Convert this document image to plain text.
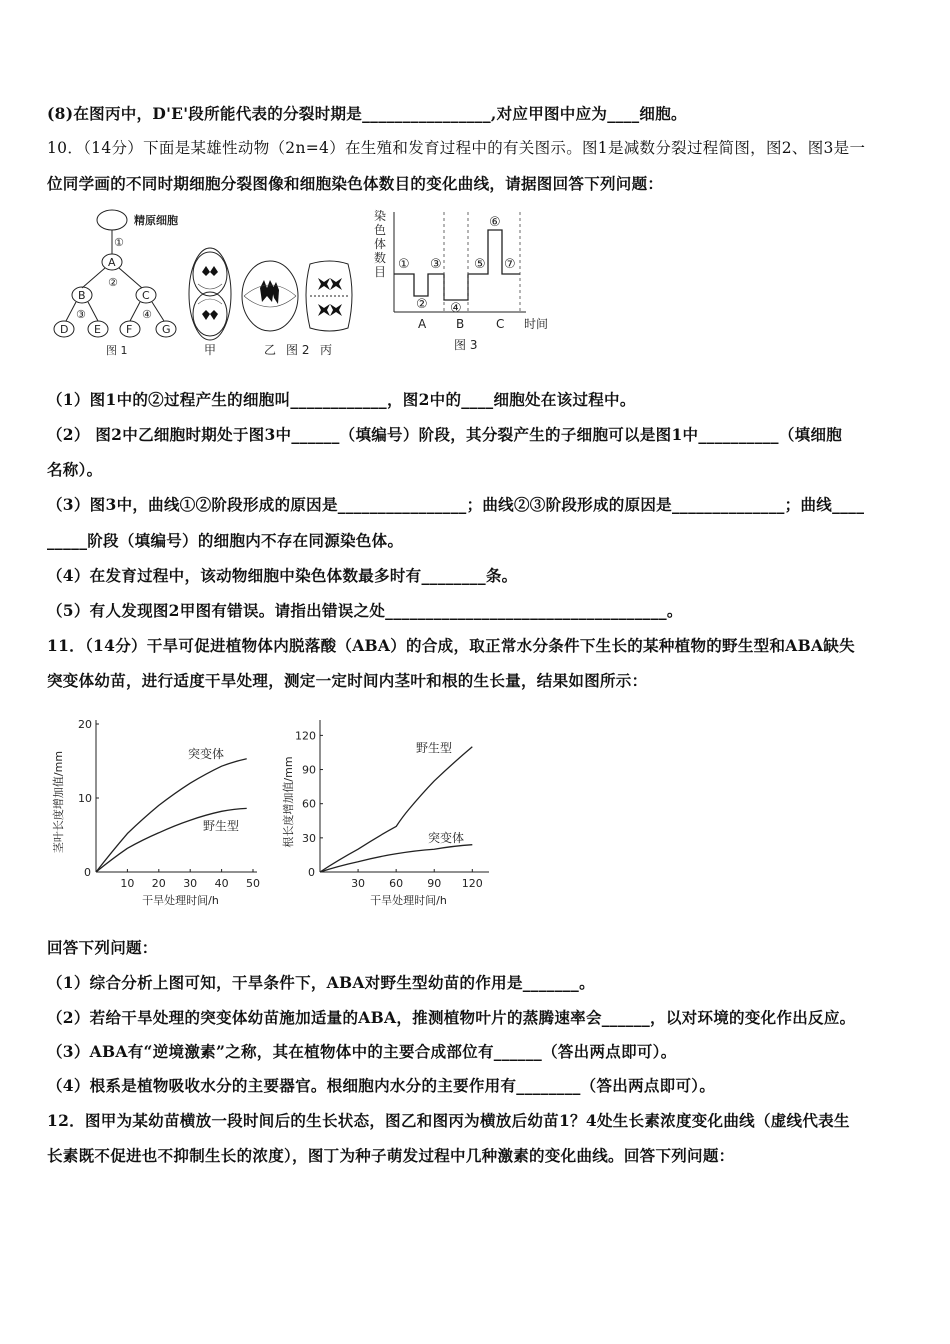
(8)在图丙中，D'E'段所能代表的分裂时期是________________,对应甲图中应为____细胞。
10．（14分）下面是某雄性动物（2n=4）在生殖和发育过程中的有关图示。图1是减数分裂过程简图，图2、图3是一
位同学画的不同时期细胞分裂图像和细胞染色体数目的变化曲线，请据图回答下列问题：
精原细胞
①
A
②
B	C
③	④
D E F	G
图 1	甲	乙	丙
图 2
染
色
体
数
目 ①
②
③
④
⑤
⑥
⑦
A B	C 时间
图 3
（1）图1中的②过程产生的细胞叫____________，图2中的____细胞处在该过程中。
（2） 图2中乙细胞时期处于图3中______（填编号）阶段，其分裂产生的子细胞可以是图1中__________（填细胞
名称）。
（3）图3中，曲线①②阶段形成的原因是________________；曲线②③阶段形成的原因是______________；曲线____
_____阶段（填编号）的细胞内不存在同源染色体。
（4）在发育过程中，该动物细胞中染色体数最多时有________条。
（5）有人发现图2甲图有错误。请指出错误之处___________________________________。
11．（14分）干旱可促进植物体内脱落酸（ABA）的合成，取正常水分条件下生长的某种植物的野生型和ABA缺失
突变体幼苗，进行适度干旱处理，测定一定时间内茎叶和根的生长量，结果如图所示：
茎叶长度增加值/mm
10 20 30 40 50
10
20
干旱处理时间/h
突变体
野生型
0
根长度增加值/mm
30 60 90 120
30
60
90
120
干旱处理时间/h
野生型
突变体
0
回答下列问题：
（1）综合分析上图可知，干旱条件下，ABA对野生型幼苗的作用是_______。
（2）若给干旱处理的突变体幼苗施加适量的ABA，推测植物叶片的蒸腾速率会______，以对环境的变化作出反应。
（3）ABA有“逆境激素”之称，其在植物体中的主要合成部位有______（答出两点即可）。
（4）根系是植物吸收水分的主要器官。根细胞内水分的主要作用有________（答出两点即可）。
12．图甲为某幼苗横放一段时间后的生长状态，图乙和图丙为横放后幼苗1？4处生长素浓度变化曲线（虚线代表生
长素既不促进也不抑制生长的浓度），图丁为种子萌发过程中几种激素的变化曲线。回答下列问题：
